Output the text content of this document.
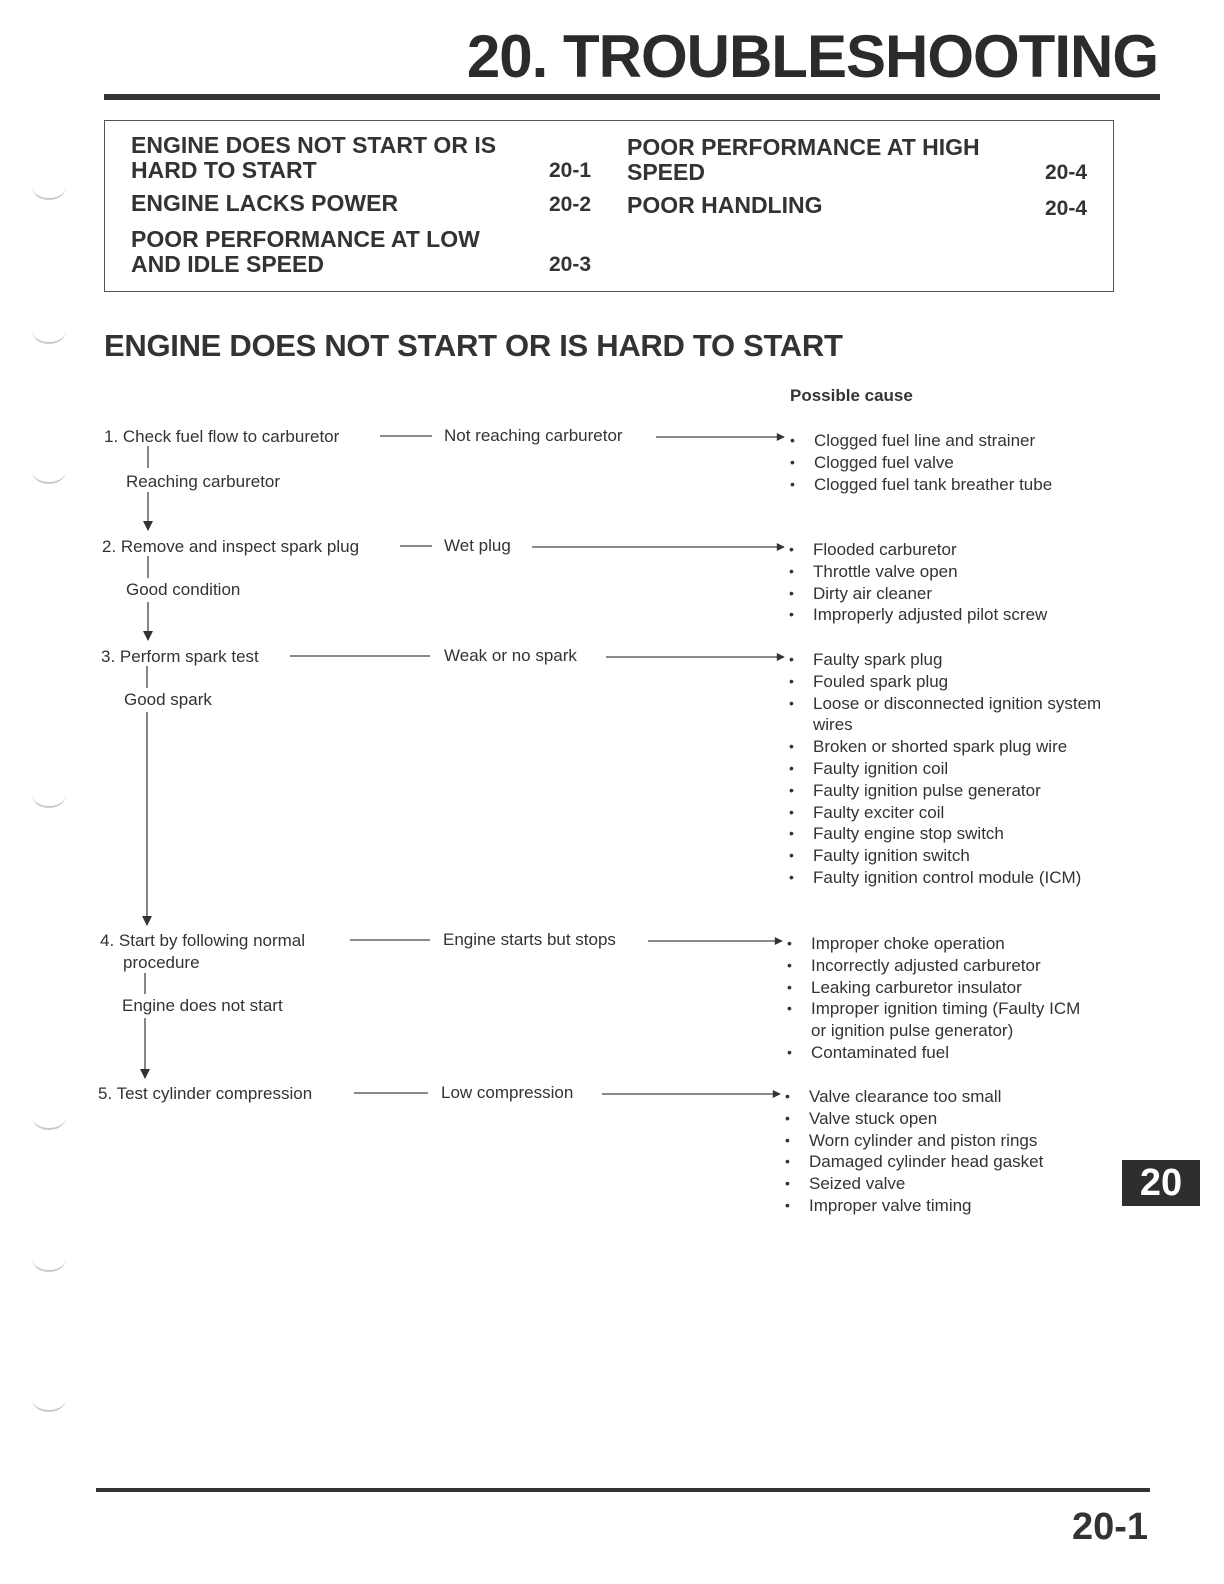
20. TROUBLESHOOTING
ENGINE DOES NOT START OR IS HARD TO START	20-1
ENGINE LACKS POWER	20-2
POOR PERFORMANCE AT LOW AND IDLE SPEED	20-3
POOR PERFORMANCE AT HIGH SPEED	20-4
POOR HANDLING	20-4
ENGINE DOES NOT START OR IS HARD TO START
Possible cause
1. Check fuel flow to carburetor	Not reaching carburetor
Reaching carburetor
• Clogged fuel line and strainer
• Clogged fuel valve
• Clogged fuel tank breather tube
2. Remove and inspect spark plug	Wet plug
Good condition
• Flooded carburetor
• Throttle valve open
• Dirty air cleaner
• Improperly adjusted pilot screw
3. Perform spark test	Weak or no spark
Good spark
• Faulty spark plug
• Fouled spark plug
• Loose or disconnected ignition system wires
• Broken or shorted spark plug wire
• Faulty ignition coil
• Faulty ignition pulse generator
• Faulty exciter coil
• Faulty engine stop switch
• Faulty ignition switch
• Faulty ignition control module (ICM)
4. Start by following normal
procedure
Engine starts but stops
Engine does not start
• Improper choke operation
• Incorrectly adjusted carburetor
• Leaking carburetor insulator
• Improper ignition timing (Faulty ICM or ignition pulse generator)
• Contaminated fuel
5. Test cylinder compression	Low compression
•	Valve clearance too small
• Valve stuck open
• Worn cylinder and piston rings
• Damaged cylinder head gasket
• Seized valve
• Improper valve timing
20
20-1
